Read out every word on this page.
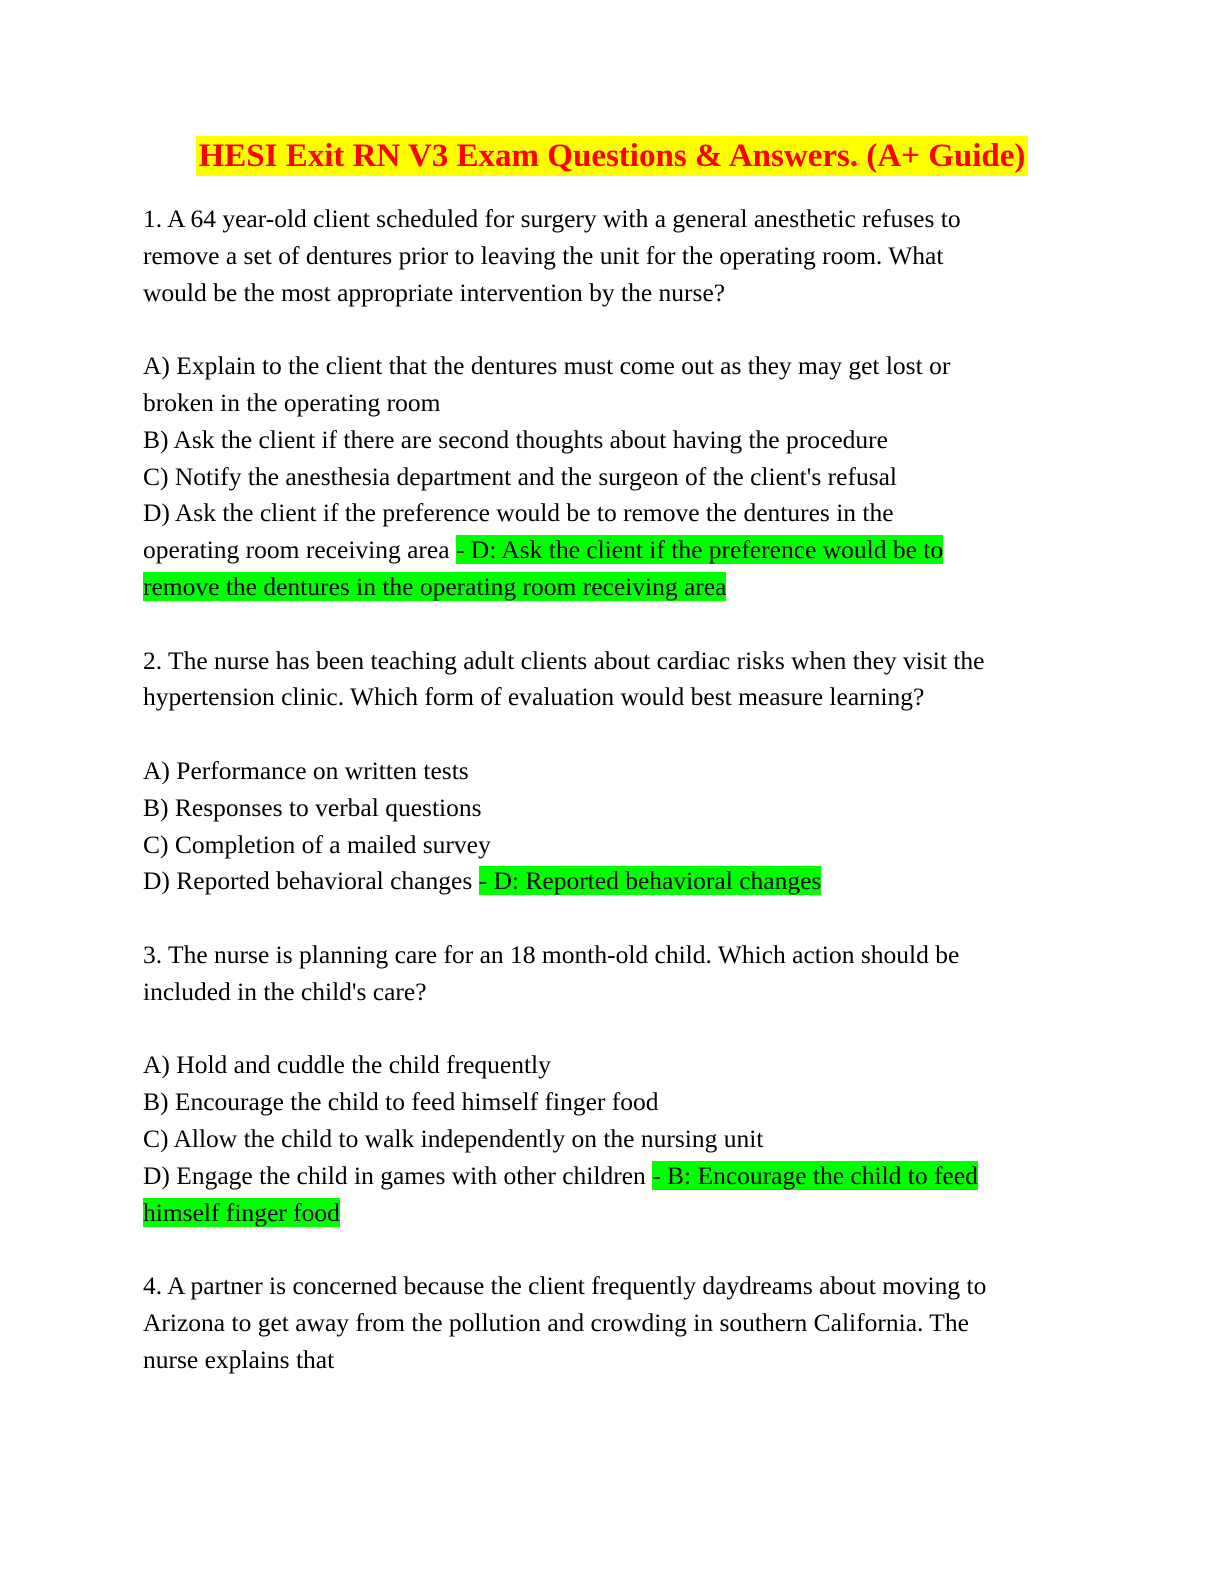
HESI Exit RN V3 Exam Questions & Answers. (A+ Guide)
1. A 64 year-old client scheduled for surgery with a general anesthetic refuses to
remove a set of dentures prior to leaving the unit for the operating room. What
would be the most appropriate intervention by the nurse?
A) Explain to the client that the dentures must come out as they may get lost or
broken in the operating room
B) Ask the client if there are second thoughts about having the procedure
C) Notify the anesthesia department and the surgeon of the client's refusal
D) Ask the client if the preference would be to remove the dentures in the
operating room receiving area - D: Ask the client if the preference would be to
remove the dentures in the operating room receiving area
2. The nurse has been teaching adult clients about cardiac risks when they visit the
hypertension clinic. Which form of evaluation would best measure learning?
A) Performance on written tests
B) Responses to verbal questions
C) Completion of a mailed survey
D) Reported behavioral changes - D: Reported behavioral changes
3. The nurse is planning care for an 18 month-old child. Which action should be
included in the child's care?
A) Hold and cuddle the child frequently
B) Encourage the child to feed himself finger food
C) Allow the child to walk independently on the nursing unit
D) Engage the child in games with other children - B: Encourage the child to feed
himself finger food
4. A partner is concerned because the client frequently daydreams about moving to
Arizona to get away from the pollution and crowding in southern California. The
nurse explains that
